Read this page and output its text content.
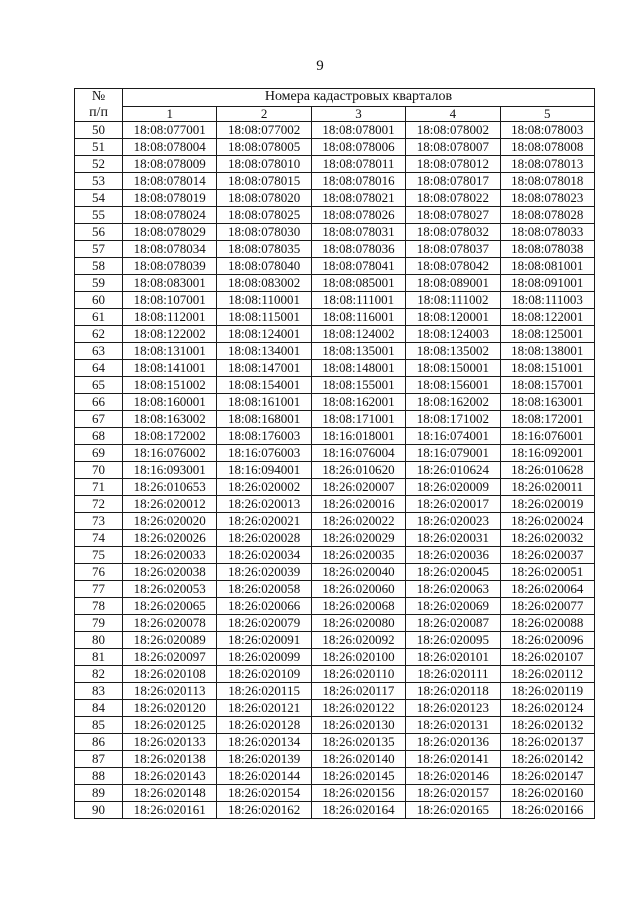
9
№
п/п	Номера кадастровых кварталов				
	1	2	3	4	5
50	18:08:077001	18:08:077002	18:08:078001	18:08:078002	18:08:078003
51	18:08:078004	18:08:078005	18:08:078006	18:08:078007	18:08:078008
52	18:08:078009	18:08:078010	18:08:078011	18:08:078012	18:08:078013
53	18:08:078014	18:08:078015	18:08:078016	18:08:078017	18:08:078018
54	18:08:078019	18:08:078020	18:08:078021	18:08:078022	18:08:078023
55	18:08:078024	18:08:078025	18:08:078026	18:08:078027	18:08:078028
56	18:08:078029	18:08:078030	18:08:078031	18:08:078032	18:08:078033
57	18:08:078034	18:08:078035	18:08:078036	18:08:078037	18:08:078038
58	18:08:078039	18:08:078040	18:08:078041	18:08:078042	18:08:081001
59	18:08:083001	18:08:083002	18:08:085001	18:08:089001	18:08:091001
60	18:08:107001	18:08:110001	18:08:111001	18:08:111002	18:08:111003
61	18:08:112001	18:08:115001	18:08:116001	18:08:120001	18:08:122001
62	18:08:122002	18:08:124001	18:08:124002	18:08:124003	18:08:125001
63	18:08:131001	18:08:134001	18:08:135001	18:08:135002	18:08:138001
64	18:08:141001	18:08:147001	18:08:148001	18:08:150001	18:08:151001
65	18:08:151002	18:08:154001	18:08:155001	18:08:156001	18:08:157001
66	18:08:160001	18:08:161001	18:08:162001	18:08:162002	18:08:163001
67	18:08:163002	18:08:168001	18:08:171001	18:08:171002	18:08:172001
68	18:08:172002	18:08:176003	18:16:018001	18:16:074001	18:16:076001
69	18:16:076002	18:16:076003	18:16:076004	18:16:079001	18:16:092001
70	18:16:093001	18:16:094001	18:26:010620	18:26:010624	18:26:010628
71	18:26:010653	18:26:020002	18:26:020007	18:26:020009	18:26:020011
72	18:26:020012	18:26:020013	18:26:020016	18:26:020017	18:26:020019
73	18:26:020020	18:26:020021	18:26:020022	18:26:020023	18:26:020024
74	18:26:020026	18:26:020028	18:26:020029	18:26:020031	18:26:020032
75	18:26:020033	18:26:020034	18:26:020035	18:26:020036	18:26:020037
76	18:26:020038	18:26:020039	18:26:020040	18:26:020045	18:26:020051
77	18:26:020053	18:26:020058	18:26:020060	18:26:020063	18:26:020064
78	18:26:020065	18:26:020066	18:26:020068	18:26:020069	18:26:020077
79	18:26:020078	18:26:020079	18:26:020080	18:26:020087	18:26:020088
80	18:26:020089	18:26:020091	18:26:020092	18:26:020095	18:26:020096
81	18:26:020097	18:26:020099	18:26:020100	18:26:020101	18:26:020107
82	18:26:020108	18:26:020109	18:26:020110	18:26:020111	18:26:020112
83	18:26:020113	18:26:020115	18:26:020117	18:26:020118	18:26:020119
84	18:26:020120	18:26:020121	18:26:020122	18:26:020123	18:26:020124
85	18:26:020125	18:26:020128	18:26:020130	18:26:020131	18:26:020132
86	18:26:020133	18:26:020134	18:26:020135	18:26:020136	18:26:020137
87	18:26:020138	18:26:020139	18:26:020140	18:26:020141	18:26:020142
88	18:26:020143	18:26:020144	18:26:020145	18:26:020146	18:26:020147
89	18:26:020148	18:26:020154	18:26:020156	18:26:020157	18:26:020160
90	18:26:020161	18:26:020162	18:26:020164	18:26:020165	18:26:020166
